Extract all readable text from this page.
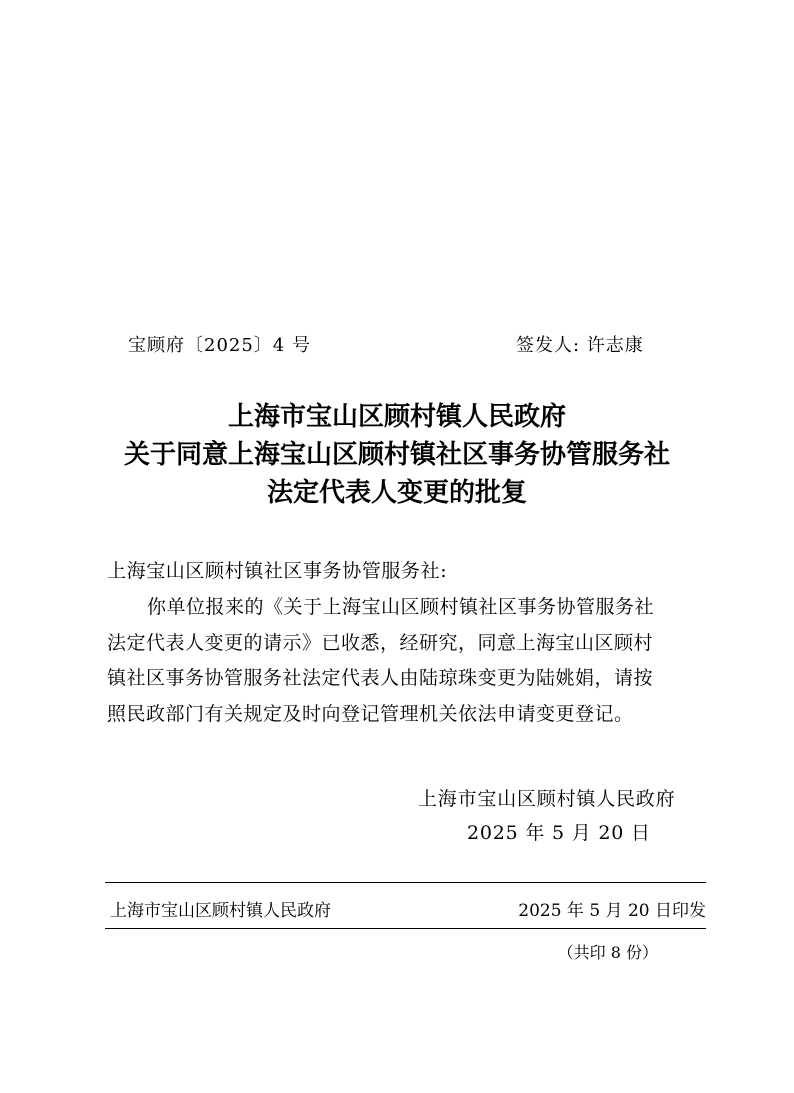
宝顾府〔2025〕4 号	签发人: 许志康
上海市宝山区顾村镇人民政府
关于同意上海宝山区顾村镇社区事务协管服务社
法定代表人变更的批复
上海宝山区顾村镇社区事务协管服务社:
你单位报来的《关于上海宝山区顾村镇社区事务协管服务社
法定代表人变更的请示》已收悉，经研究，同意上海宝山区顾村
镇社区事务协管服务社法定代表人由陆琼珠变更为陆姚娟，请按
照民政部门有关规定及时向登记管理机关依法申请变更登记。
上海市宝山区顾村镇人民政府
2025 年 5 月 20 日
上海市宝山区顾村镇人民政府	2025 年 5 月 20 日印发
（共印 8 份）
